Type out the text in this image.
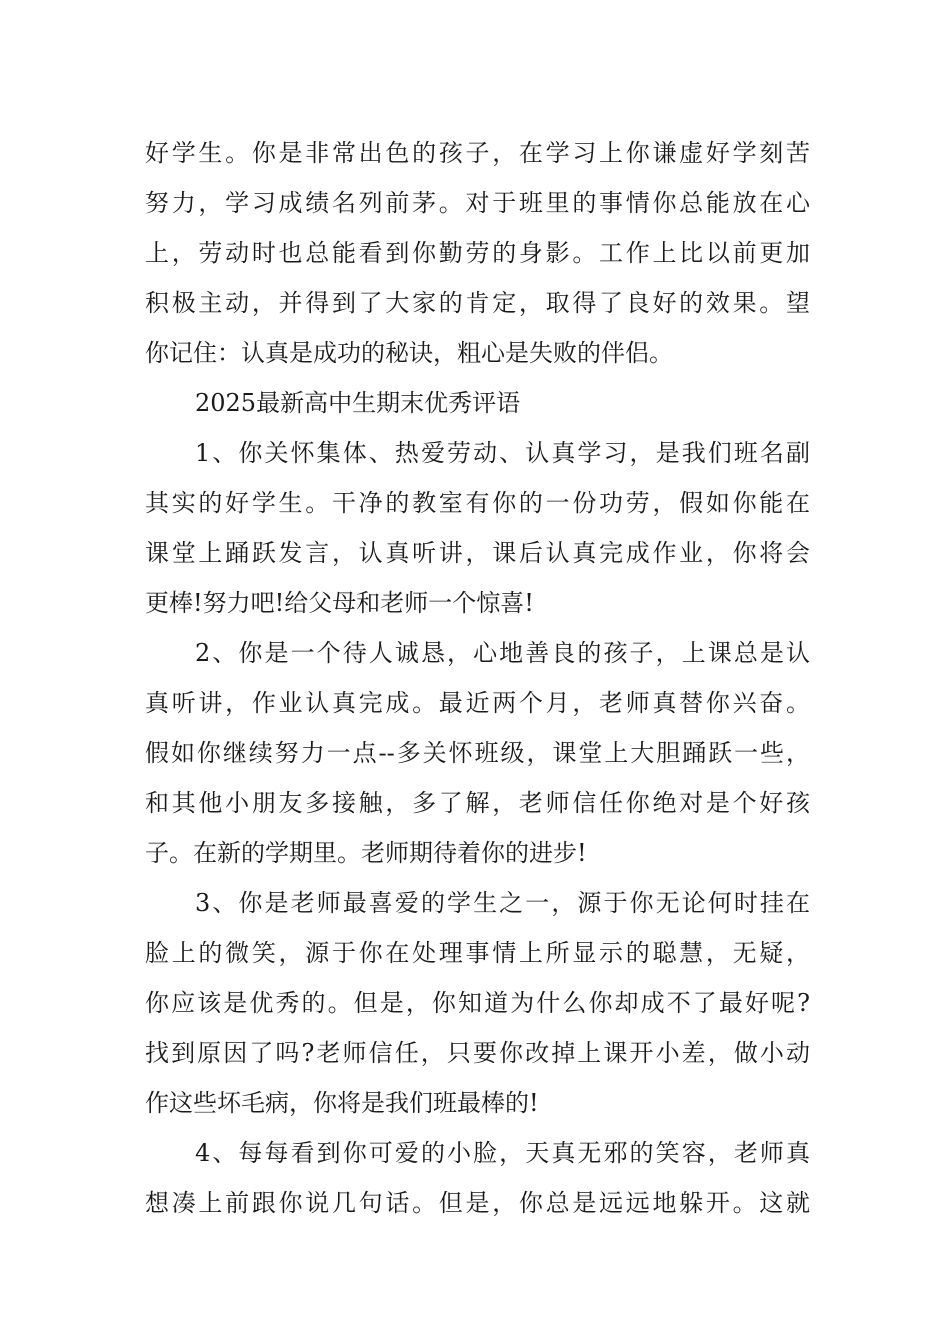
好学生。你是非常出色的孩子，在学习上你谦虚好学刻苦
努力，学习成绩名列前茅。对于班里的事情你总能放在心
上，劳动时也总能看到你勤劳的身影。工作上比以前更加
积极主动，并得到了大家的肯定，取得了良好的效果。望
你记住：认真是成功的秘诀，粗心是失败的伴侣。
2025最新高中生期末优秀评语
1、你关怀集体、热爱劳动、认真学习，是我们班名副
其实的好学生。干净的教室有你的一份功劳，假如你能在
课堂上踊跃发言，认真听讲，课后认真完成作业，你将会
更棒!努力吧!给父母和老师一个惊喜!
2、你是一个待人诚恳，心地善良的孩子，上课总是认
真听讲，作业认真完成。最近两个月，老师真替你兴奋。
假如你继续努力一点--多关怀班级，课堂上大胆踊跃一些，
和其他小朋友多接触，多了解，老师信任你绝对是个好孩
子。在新的学期里。老师期待着你的进步!
3、你是老师最喜爱的学生之一，源于你无论何时挂在
脸上的微笑，源于你在处理事情上所显示的聪慧，无疑，
你应该是优秀的。但是，你知道为什么你却成不了最好呢?
找到原因了吗?老师信任，只要你改掉上课开小差，做小动
作这些坏毛病，你将是我们班最棒的!
4、每每看到你可爱的小脸，天真无邪的笑容，老师真
想凑上前跟你说几句话。但是，你总是远远地躲开。这就
